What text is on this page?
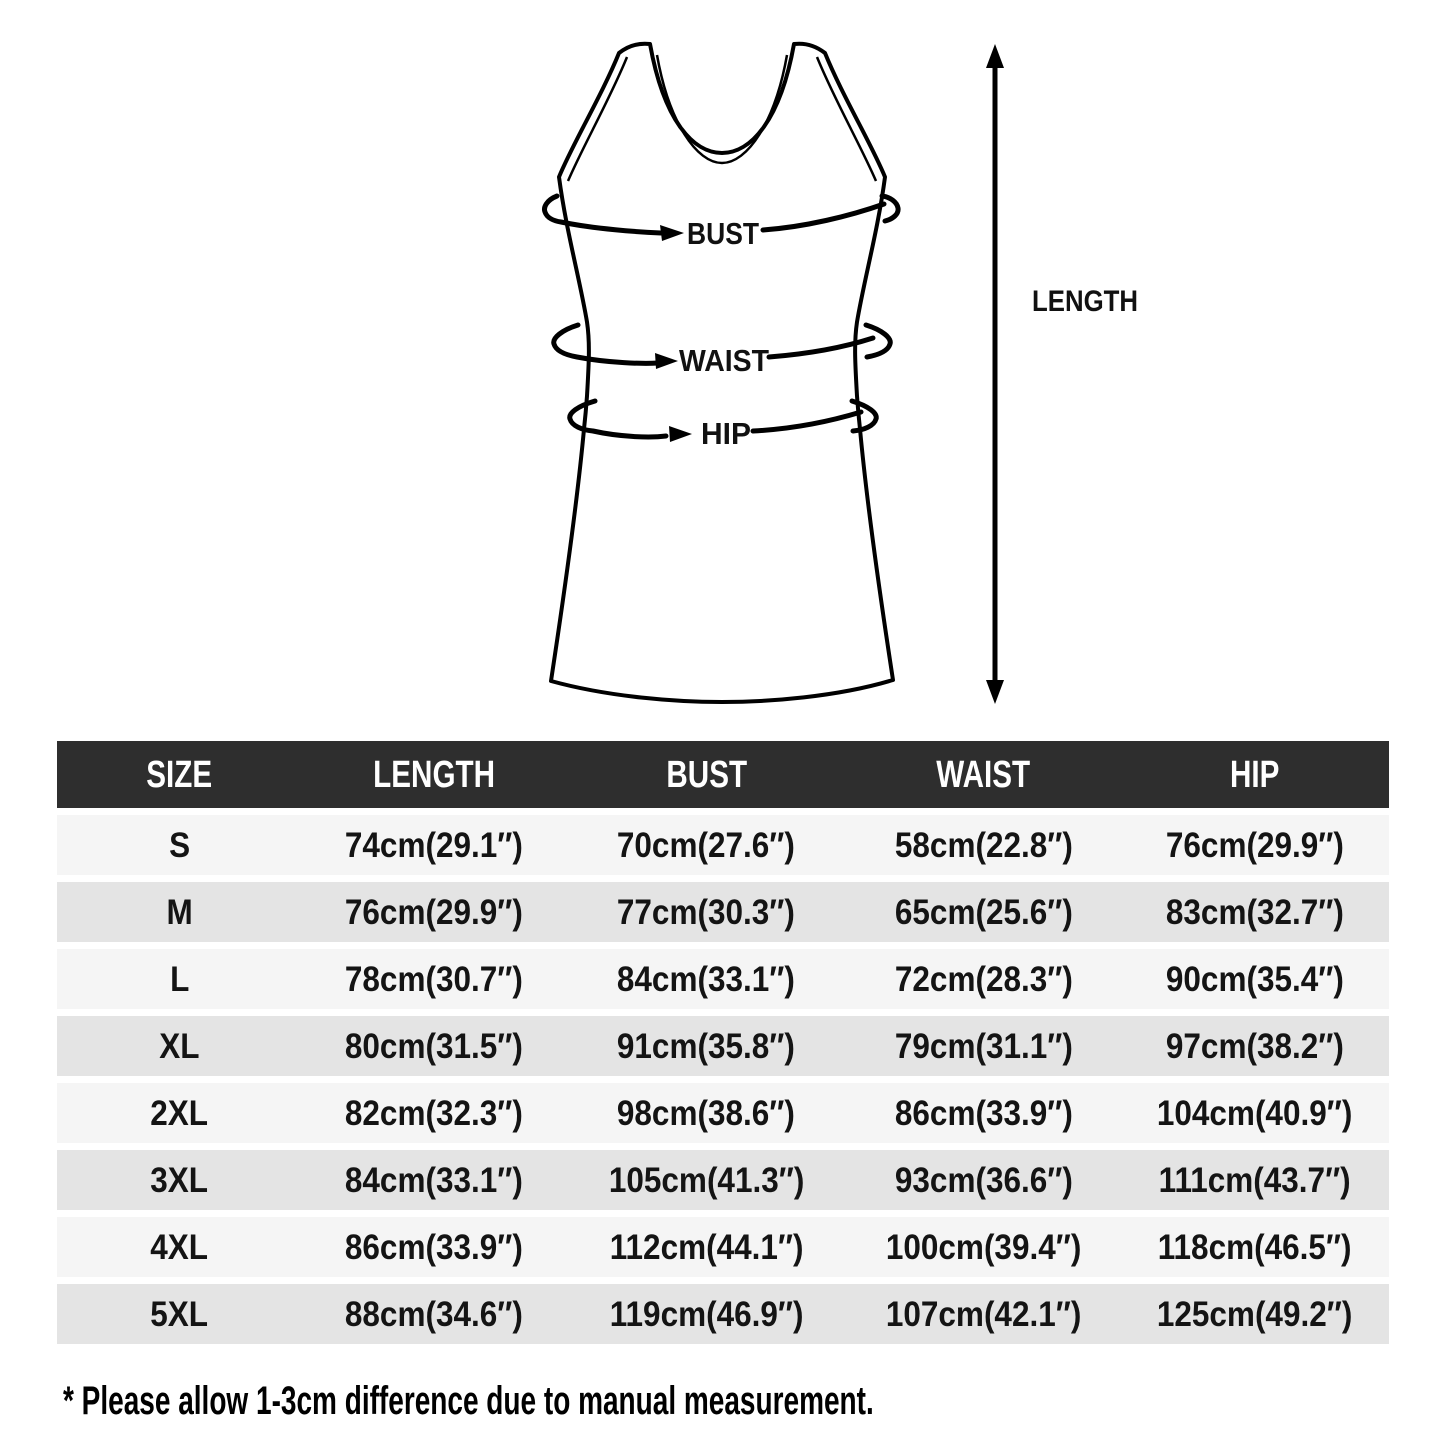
BUST
WAIST
HIP
LENGTH
SIZE	LENGTH	BUST	WAIST	HIP
S	74cm(29.1″)	70cm(27.6″)	58cm(22.8″)	76cm(29.9″)
M	76cm(29.9″)	77cm(30.3″)	65cm(25.6″)	83cm(32.7″)
L	78cm(30.7″)	84cm(33.1″)	72cm(28.3″)	90cm(35.4″)
XL	80cm(31.5″)	91cm(35.8″)	79cm(31.1″)	97cm(38.2″)
2XL	82cm(32.3″)	98cm(38.6″)	86cm(33.9″)	104cm(40.9″)
3XL	84cm(33.1″)	105cm(41.3″)	93cm(36.6″)	111cm(43.7″)
4XL	86cm(33.9″)	112cm(44.1″)	100cm(39.4″)	118cm(46.5″)
5XL	88cm(34.6″)	119cm(46.9″)	107cm(42.1″)	125cm(49.2″)
* Please allow 1-3cm difference due to manual measurement.
